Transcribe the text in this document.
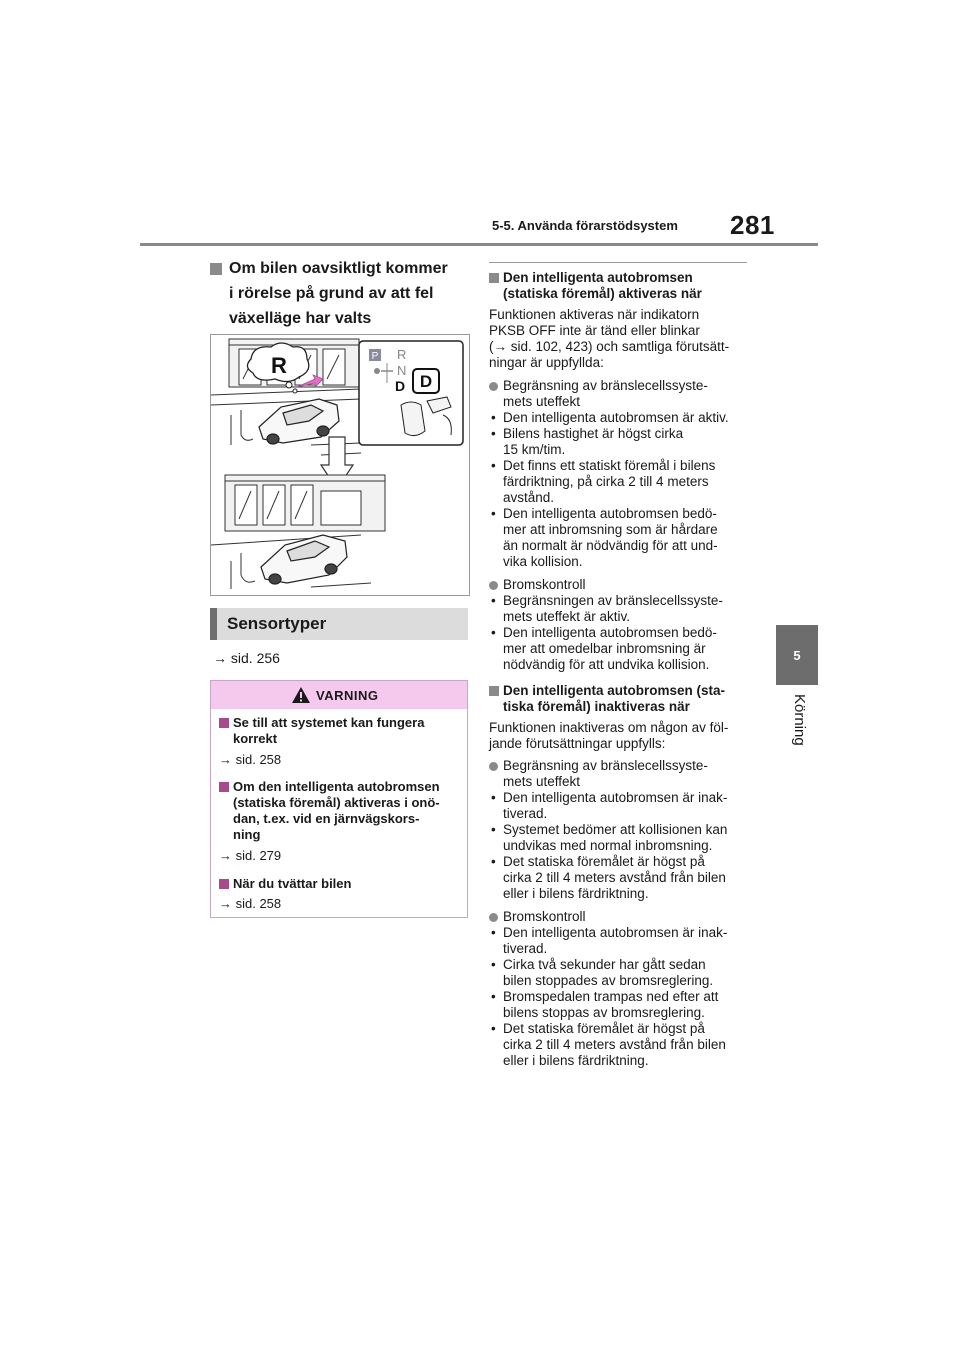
5-5. Använda förarstödsystem 281
5
Körning
Om bilen oavsiktligt kommer
i rörelse på grund av att fel
växelläge har valts
R	P R
N
D D
Sensortyper
→ sid. 256
VARNING
Se till att systemet kan fungera
korrekt
→ sid. 258
Om den intelligenta autobromsen
(statiska föremål) aktiveras i onö-
dan, t.ex. vid en järnvägskors-
ning
→ sid. 279
När du tvättar bilen
→ sid. 258
Den intelligenta autobromsen
(statiska föremål) aktiveras när
Funktionen aktiveras när indikatorn
PKSB OFF inte är tänd eller blinkar
(→ sid. 102, 423) och samtliga förutsätt-
ningar är uppfyllda:
Begränsning av bränslecellssyste-
mets uteffekt
• Den intelligenta autobromsen är aktiv.
• Bilens hastighet är högst cirka
15 km/tim.
• Det finns ett statiskt föremål i bilens
färdriktning, på cirka 2 till 4 meters
avstånd.
• Den intelligenta autobromsen bedö-
mer att inbromsning som är hårdare
än normalt är nödvändig för att und-
vika kollision.
Bromskontroll
• Begränsningen av bränslecellssyste-
mets uteffekt är aktiv.
• Den intelligenta autobromsen bedö-
mer att omedelbar inbromsning är
nödvändig för att undvika kollision.
Den intelligenta autobromsen (sta-
tiska föremål) inaktiveras när
Funktionen inaktiveras om någon av föl-
jande förutsättningar uppfylls:
Begränsning av bränslecellssyste-
mets uteffekt
• Den intelligenta autobromsen är inak-
tiverad.
• Systemet bedömer att kollisionen kan
undvikas med normal inbromsning.
• Det statiska föremålet är högst på
cirka 2 till 4 meters avstånd från bilen
eller i bilens färdriktning.
Bromskontroll
• Den intelligenta autobromsen är inak-
tiverad.
• Cirka två sekunder har gått sedan
bilen stoppades av bromsreglering.
• Bromspedalen trampas ned efter att
bilens stoppas av bromsreglering.
• Det statiska föremålet är högst på
cirka 2 till 4 meters avstånd från bilen
eller i bilens färdriktning.
